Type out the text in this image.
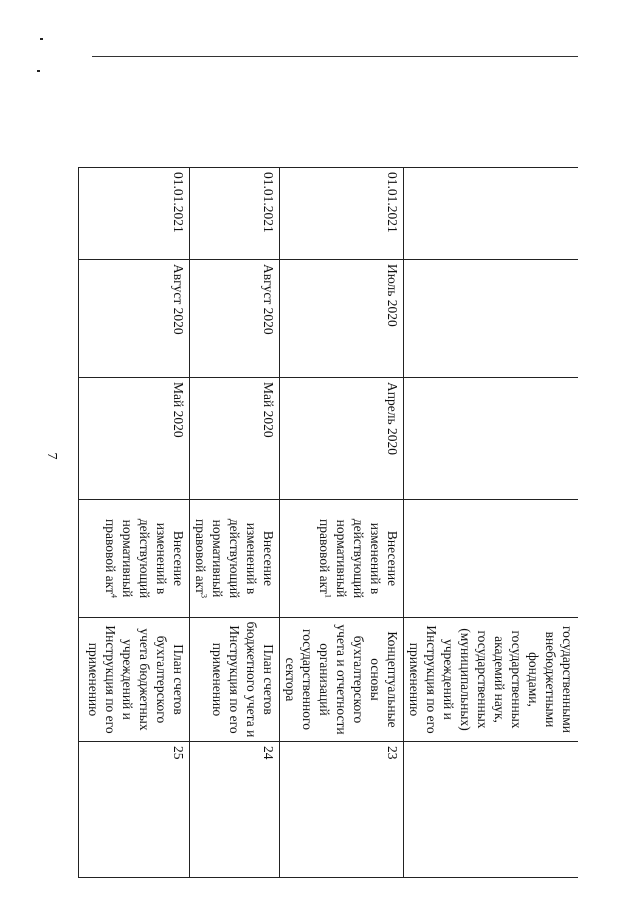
7
				государственными внебюджетными фондами, государственных академий наук, государственных (муниципальных) учреждений и Инструкция по его применению	
01.01.2021	Июль 2020	Апрель 2020	Внесение изменений в действующий нормативный правовой акт$^1$	Концептуальные основы бухгалтерского учета и отчетности организаций государственного сектора	23
01.01.2021	Август 2020	Май 2020	Внесение изменений в действующий нормативный правовой акт$^3$	План счетов бюджетного учета и Инструкция по его применению	24
01.01.2021	Август 2020	Май 2020	Внесение изменений в действующий нормативный правовой акт$^4$	План счетов бухгалтерского учета бюджетных учреждений и Инструкция по его применению	25
